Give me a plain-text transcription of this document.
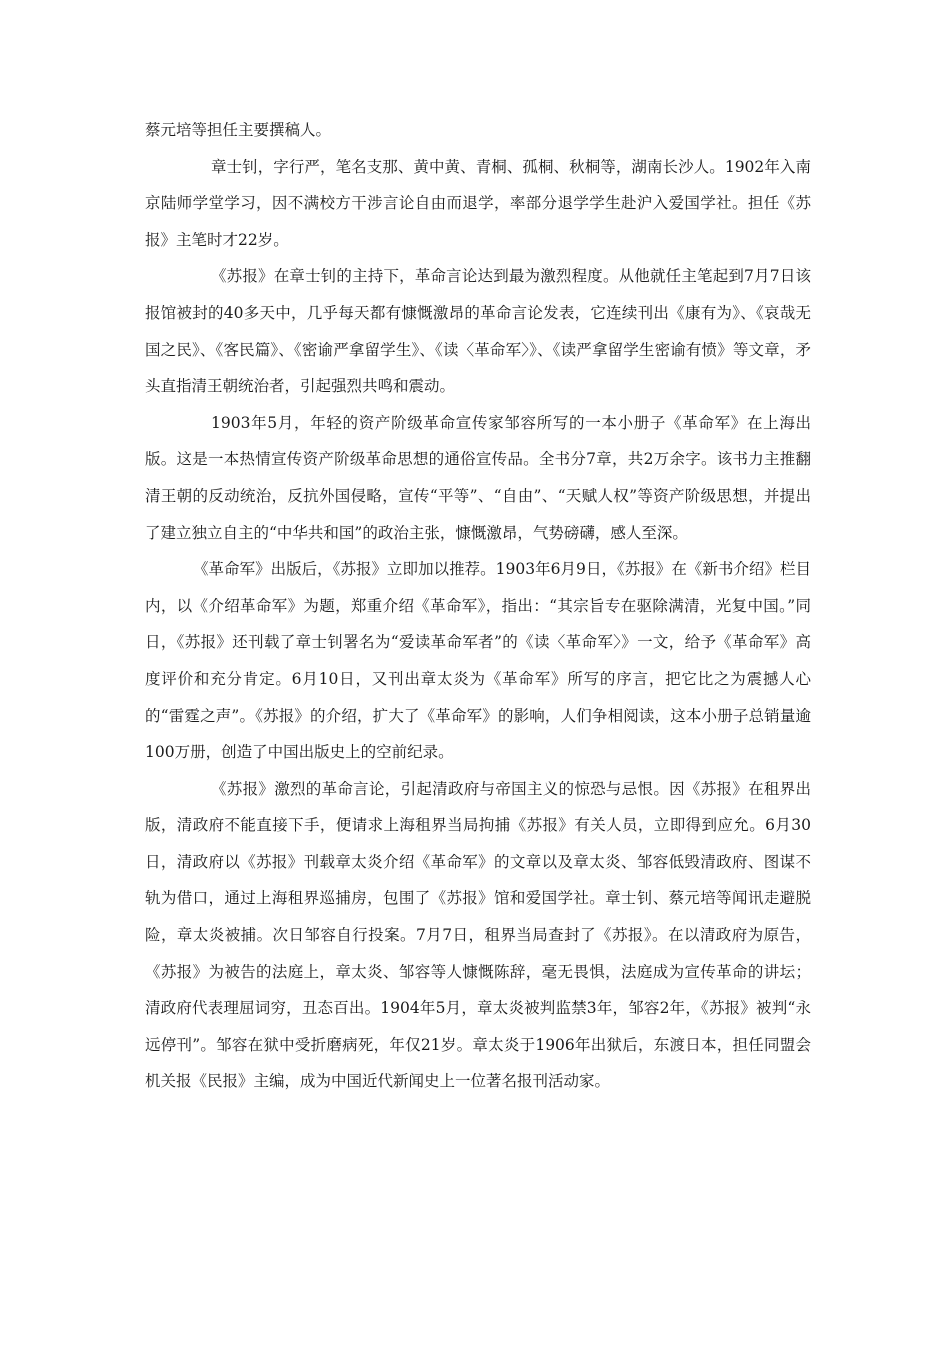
蔡元培等担任主要撰稿人。

章士钊，字行严，笔名支那、黄中黄、青桐、孤桐、秋桐等，湖南长沙人。1902年入南京陆师学堂学习，因不满校方干涉言论自由而退学，率部分退学学生赴沪入爱国学社。担任《苏报》主笔时才22岁。

《苏报》在章士钊的主持下，革命言论达到最为激烈程度。从他就任主笔起到7月7日该报馆被封的40多天中，几乎每天都有慷慨激昂的革命言论发表，它连续刊出《康有为》、《哀哉无国之民》、《客民篇》、《密谕严拿留学生》、《读〈革命军〉》、《读严拿留学生密谕有愤》等文章，矛头直指清王朝统治者，引起强烈共鸣和震动。

1903年5月，年轻的资产阶级革命宣传家邹容所写的一本小册子《革命军》在上海出版。这是一本热情宣传资产阶级革命思想的通俗宣传品。全书分7章，共2万余字。该书力主推翻清王朝的反动统治，反抗外国侵略，宣传“平等”、“自由”、“天赋人权”等资产阶级思想，并提出了建立独立自主的“中华共和国”的政治主张，慷慨激昂，气势磅礴，感人至深。

《革命军》出版后，《苏报》立即加以推荐。1903年6月9日，《苏报》在《新书介绍》栏目内，以《介绍革命军》为题，郑重介绍《革命军》，指出：“其宗旨专在驱除满清，光复中国。”同日，《苏报》还刊载了章士钊署名为“爱读革命军者”的《读〈革命军〉》一文，给予《革命军》高度评价和充分肯定。6月10日，又刊出章太炎为《革命军》所写的序言，把它比之为震撼人心的“雷霆之声”。《苏报》的介绍，扩大了《革命军》的影响，人们争相阅读，这本小册子总销量逾100万册，创造了中国出版史上的空前纪录。

《苏报》激烈的革命言论，引起清政府与帝国主义的惊恐与忌恨。因《苏报》在租界出版，清政府不能直接下手，便请求上海租界当局拘捕《苏报》有关人员，立即得到应允。6月30日，清政府以《苏报》刊载章太炎介绍《革命军》的文章以及章太炎、邹容低毁清政府、图谋不轨为借口，通过上海租界巡捕房，包围了《苏报》馆和爱国学社。章士钊、蔡元培等闻讯走避脱险，章太炎被捕。次日邹容自行投案。7月7日，租界当局查封了《苏报》。在以清政府为原告，《苏报》为被告的法庭上，章太炎、邹容等人慷慨陈辞，毫无畏惧，法庭成为宣传革命的讲坛；清政府代表理屈词穷，丑态百出。1904年5月，章太炎被判监禁3年，邹容2年，《苏报》被判“永远停刊”。邹容在狱中受折磨病死，年仅21岁。章太炎于1906年出狱后，东渡日本，担任同盟会机关报《民报》主编，成为中国近代新闻史上一位著名报刊活动家。
